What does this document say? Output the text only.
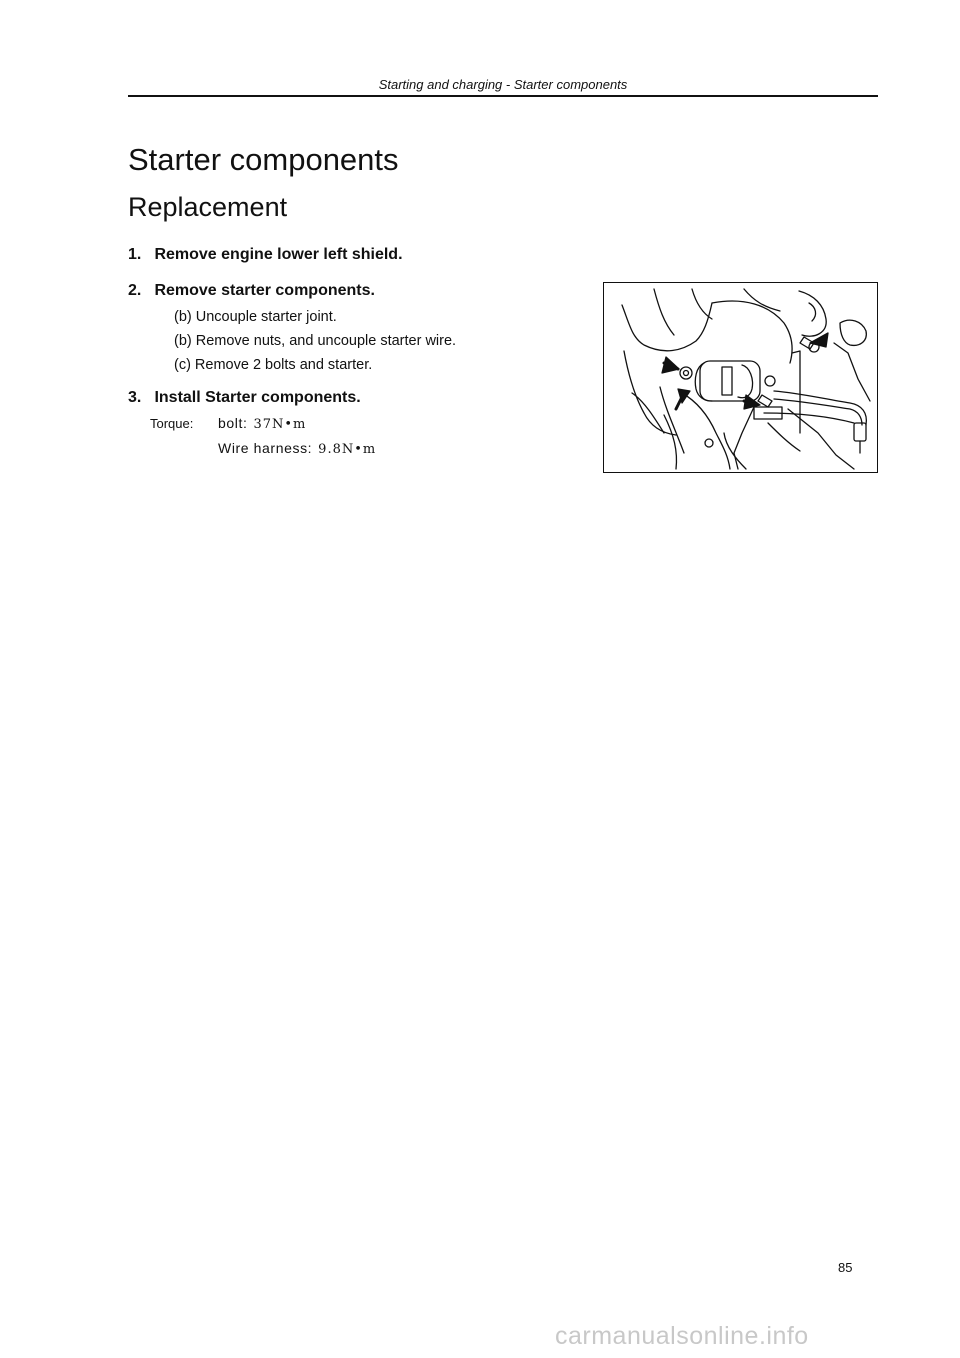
Starting and charging - Starter components
Starter components
Replacement
1. Remove engine lower left shield.
2. Remove starter components.
(b) Uncouple starter joint.
(b) Remove nuts, and uncouple starter wire.
(c) Remove 2 bolts and starter.
3. Install Starter components.
Torque: bolt: 37N•m
Wire harness: 9.8N•m
85
carmanualsonline.info
